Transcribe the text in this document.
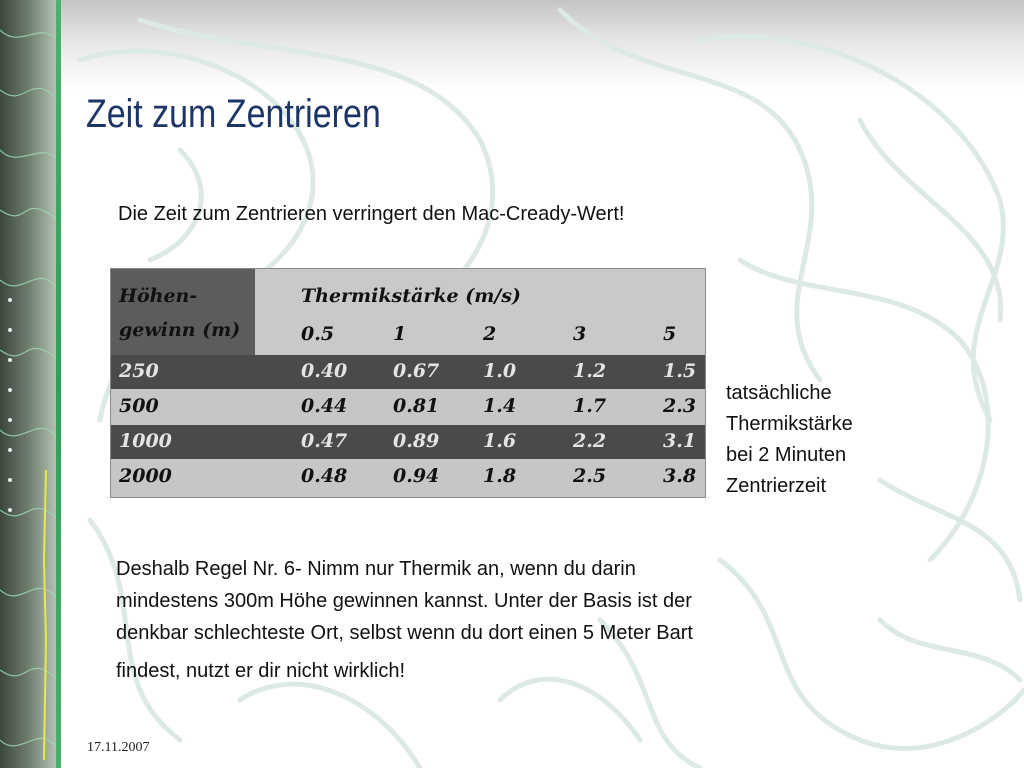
Zeit zum Zentrieren
Die Zeit zum Zentrieren verringert den Mac-Cready-Wert!
Höhen-
gewinn (m)
Thermikstärke (m/s)
0.5	1	2	3	5
250	0.40 0.67 1.0	1.2	1.5
500	0.44 0.81 1.4	1.7	2.3
1000	0.47 0.89 1.6	2.2	3.1
2000	0.48 0.94 1.8	2.5	3.8
tatsächliche
Thermikstärke
bei 2 Minuten
Zentrierzeit
Deshalb Regel Nr. 6- Nimm nur Thermik an, wenn du darin
mindestens 300m Höhe gewinnen kannst. Unter der Basis ist der
denkbar schlechteste Ort, selbst wenn du dort einen 5 Meter Bart
findest, nutzt er dir nicht wirklich!
17.11.2007
